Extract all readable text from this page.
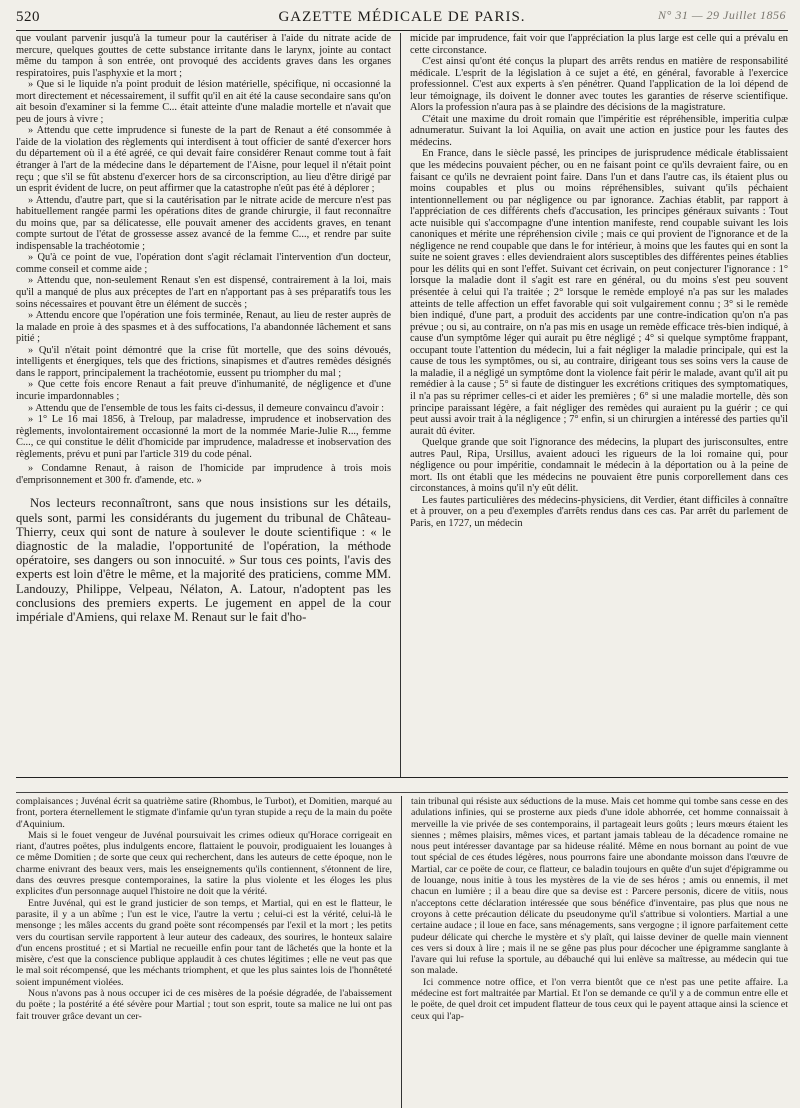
520	GAZETTE MÉDICALE DE PARIS.	N° 31 — 29 Juillet 1856

que voulant parvenir jusqu'à la tumeur pour la cautériser à l'aide du nitrate acide de mercure, quelques gouttes de cette substance irritante dans le larynx, jointe au contact même du tampon à son entrée, ont provoqué des accidents graves dans les organes respiratoires, puis l'asphyxie et la mort ;

» Que si le liquide n'a point produit de lésion matérielle, spécifique, ni occasionné la mort directement et nécessairement, il suffit qu'il en ait été la cause secondaire sans qu'on ait besoin d'examiner si la femme C... était atteinte d'une maladie mortelle et n'avait que peu de jours à vivre ;

» Attendu que cette imprudence si funeste de la part de Renaut a été consommée à l'aide de la violation des règlements qui interdisent à tout officier de santé d'exercer hors du département où il a été agréé, ce qui devait faire considérer Renaut comme tout à fait étranger à l'art de la médecine dans le département de l'Aisne, pour lequel il n'était point reçu ; que s'il se fût abstenu d'exercer hors de sa circonscription, au lieu d'être dirigé par un esprit évident de lucre, on peut affirmer que la catastrophe n'eût pas été à déplorer ;

» Attendu, d'autre part, que si la cautérisation par le nitrate acide de mercure n'est pas habituellement rangée parmi les opérations dites de grande chirurgie, il faut reconnaître du moins que, par sa délicatesse, elle pouvait amener des accidents graves, en tenant compte surtout de l'état de grossesse assez avancé de la femme C..., et rendre par suite indispensable la trachéotomie ;

» Qu'à ce point de vue, l'opération dont s'agit réclamait l'intervention d'un docteur, comme conseil et comme aide ;

» Attendu que, non-seulement Renaut s'en est dispensé, contrairement à la loi, mais qu'il a manqué de plus aux préceptes de l'art en n'apportant pas à ses préparatifs tous les soins nécessaires et pouvant être un élément de succès ;

» Attendu encore que l'opération une fois terminée, Renaut, au lieu de rester auprès de la malade en proie à des spasmes et à des suffocations, l'a abandonnée lâchement et sans pitié ;

» Qu'il n'était point démontré que la crise fût mortelle, que des soins dévoués, intelligents et énergiques, tels que des frictions, sinapismes et d'autres remèdes désignés dans le rapport, principalement la trachéotomie, eussent pu triompher du mal ;

» Que cette fois encore Renaut a fait preuve d'inhumanité, de négligence et d'une incurie impardonnables ;

» Attendu que de l'ensemble de tous les faits ci-dessus, il demeure convaincu d'avoir :

» 1° Le 16 mai 1856, à Treloup, par maladresse, imprudence et inobservation des règlements, involontairement occasionné la mort de la nommée Marie-Julie R..., femme C..., ce qui constitue le délit d'homicide par imprudence, maladresse et inobservation des règlements, prévu et puni par l'article 319 du code pénal.

» Condamne Renaut, à raison de l'homicide par imprudence à trois mois d'emprisonnement et 300 fr. d'amende, etc. »

Nos lecteurs reconnaîtront, sans que nous insistions sur les détails, quels sont, parmi les considérants du jugement du tribunal de Château-Thierry, ceux qui sont de nature à soulever le doute scientifique : « le diagnostic de la maladie, l'opportunité de l'opération, la méthode opératoire, ses dangers ou son innocuité. » Sur tous ces points, l'avis des experts est loin d'être le même, et la majorité des praticiens, comme MM. Landouzy, Philippe, Velpeau, Nélaton, A. Latour, n'adoptent pas les conclusions des premiers experts. Le jugement en appel de la cour impériale d'Amiens, qui relaxe M. Renaut sur le fait d'ho-

micide par imprudence, fait voir que l'appréciation la plus large est celle qui a prévalu en cette circonstance.

C'est ainsi qu'ont été conçus la plupart des arrêts rendus en matière de responsabilité médicale. L'esprit de la législation à ce sujet a été, en général, favorable à l'exercice professionnel. C'est aux experts à s'en pénétrer. Quand l'application de la loi dépend de leur témoignage, ils doivent le donner avec toutes les garanties de réserve scientifique. Alors la profession n'aura pas à se plaindre des décisions de la magistrature.

C'était une maxime du droit romain que l'impéritie est répréhensible, imperitia culpæ adnumeratur. Suivant la loi Aquilia, on avait une action en justice pour les fautes des médecins.

En France, dans le siècle passé, les principes de jurisprudence médicale établissaient que les médecins pouvaient pécher, ou en ne faisant point ce qu'ils devraient faire, ou en faisant ce qu'ils ne devraient point faire. Dans l'un et dans l'autre cas, ils étaient plus ou moins coupables et plus ou moins répréhensibles, suivant qu'ils péchaient intentionnellement ou par négligence ou par ignorance. Zachias établit, par rapport à l'appréciation de ces différents chefs d'accusation, les principes généraux suivants : Tout acte nuisible qui s'accompagne d'une intention manifeste, rend coupable suivant les lois canoniques et mérite une répréhension civile ; mais ce qui provient de l'ignorance et de la négligence ne rend coupable que dans le for intérieur, à moins que les fautes qui en sont la suite ne soient graves : elles deviendraient alors susceptibles des différentes peines établies pour les délits qui en sont l'effet. Suivant cet écrivain, on peut conjecturer l'ignorance : 1° lorsque la maladie dont il s'agit est rare en général, ou du moins s'est peu souvent présentée à celui qui l'a traitée ; 2° lorsque le remède employé n'a pas sur les malades atteints de telle affection un effet favorable qui soit vulgairement connu ; 3° si le remède bien indiqué, d'une part, a produit des accidents par une contre-indication qu'on n'a pas prévue ; ou si, au contraire, on n'a pas mis en usage un remède efficace très-bien indiqué, à cause d'un symptôme léger qui aurait pu être négligé ; 4° si quelque symptôme frappant, occupant toute l'attention du médecin, lui a fait négliger la maladie principale, qui est la cause de tous les symptômes, ou si, au contraire, dirigeant tous ses soins vers la cause de la maladie, il a négligé un symptôme dont la violence fait périr le malade, avant qu'il ait pu remédier à la cause ; 5° si faute de distinguer les excrétions critiques des symptomatiques, il n'a pas su réprimer celles-ci et aider les premières ; 6° si une maladie mortelle, dès son principe paraissant légère, a fait négliger des remèdes qui auraient pu la guérir ; ce qui peut aussi avoir trait à la négligence ; 7° enfin, si un chirurgien a intéressé des parties qu'il aurait dû éviter.

Quelque grande que soit l'ignorance des médecins, la plupart des jurisconsultes, entre autres Paul, Ripa, Ursillus, avaient adouci les rigueurs de la loi romaine qui, pour négligence ou pour impéritie, condamnait le médecin à la déportation ou à la peine de mort. Ils ont établi que les médecins ne pouvaient être punis corporellement dans ces circonstances, à moins qu'il n'y eût délit.

Les fautes particulières des médecins-physiciens, dit Verdier, étant difficiles à connaître et à prouver, on a peu d'exemples d'arrêts rendus dans ces cas. Par arrêt du parlement de Paris, en 1727, un médecin

complaisances ; Juvénal écrit sa quatrième satire (Rhombus, le Turbot), et Domitien, marqué au front, portera éternellement le stigmate d'infamie qu'un tyran stupide a reçu de la main du poëte d'Aquinium.

Mais si le fouet vengeur de Juvénal poursuivait les crimes odieux qu'Horace corrigeait en riant, d'autres poëtes, plus indulgents encore, flattaient le pouvoir, prodiguaient les louanges à ce même Domitien ; de sorte que ceux qui recherchent, dans les auteurs de cette époque, non le charme enivrant des beaux vers, mais les enseignements qu'ils contiennent, s'étonnent de lire, dans des œuvres presque contemporaines, la satire la plus violente et les éloges les plus explicites d'un personnage auquel l'histoire ne doit que la vérité.

Entre Juvénal, qui est le grand justicier de son temps, et Martial, qui en est le flatteur, le parasite, il y a un abîme ; l'un est le vice, l'autre la vertu ; celui-ci est la vérité, celui-là le mensonge ; les mâles accents du grand poëte sont récompensés par l'exil et la mort ; les petits vers du courtisan servile rapportent à leur auteur des cadeaux, des sourires, le honteux salaire d'un encens prostitué ; et si Martial ne recueille enfin pour tant de lâchetés que la honte et la misère, c'est que la conscience publique applaudit à ces chutes légitimes ; elle ne veut pas que le mal soit récompensé, que les méchants triomphent, et que les plus saintes lois de l'honnêteté soient impunément violées.

Nous n'avons pas à nous occuper ici de ces misères de la poésie dégradée, de l'abaissement du poëte ; la postérité a été sévère pour Martial ; tout son esprit, toute sa malice ne lui ont pas fait trouver grâce devant un cer-

tain tribunal qui résiste aux séductions de la muse. Mais cet homme qui tombe sans cesse en des adulations infinies, qui se prosterne aux pieds d'une idole abhorrée, cet homme connaissait à merveille la vie privée de ses contemporains, il partageait leurs goûts ; leurs mœurs étaient les siennes ; mêmes plaisirs, mêmes vices, et partant jamais tableau de la décadence romaine ne nous peut intéresser davantage par sa hideuse réalité. Même en nous bornant au point de vue tout spécial de ces études légères, nous pourrons faire une abondante moisson dans l'œuvre de Martial, car ce poëte de cour, ce flatteur, ce baladin toujours en quête d'un sujet d'épigramme ou de louange, nous initie à tous les mystères de la vie de ses héros ; amis ou ennemis, il met chacun en lumière ; il a beau dire que sa devise est : Parcere personis, dicere de vitiis, nous n'acceptons cette déclaration intéressée que sous bénéfice d'inventaire, pas plus que nous ne croyons à cette précaution délicate du pseudonyme qu'il s'attribue si volontiers. Martial a une certaine audace ; il loue en face, sans ménagements, sans vergogne ; il ignore parfaitement cette pudeur délicate qui cherche le mystère et s'y plaît, qui laisse deviner de quelle main viennent ces vers si doux à lire ; mais il ne se gêne pas plus pour décocher une épigramme sanglante à l'avare qui lui refuse la sportule, au débauché qui lui enlève sa maîtresse, au médecin qui tue son malade.

Ici commence notre office, et l'on verra bientôt que ce n'est pas une petite affaire. La médecine est fort maltraitée par Martial. Et l'on se demande ce qu'il y a de commun entre elle et le poëte, de quel droit cet impudent flatteur de tous ceux qui le payent attaque ainsi la science et ceux qui l'ap-
